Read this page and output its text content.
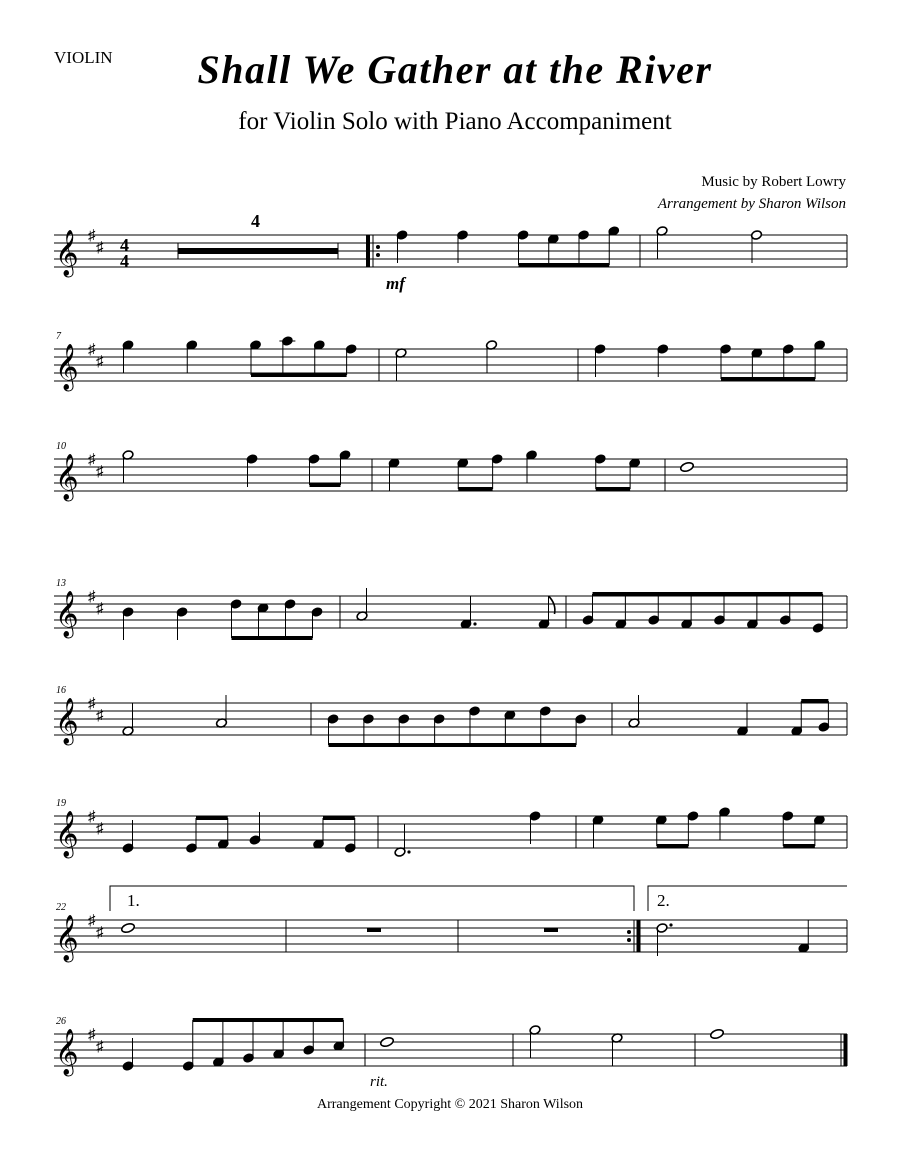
VIOLIN	Shall We Gather at the River
for Violin Solo with Piano Accompaniment
Music by Robert Lowry
Arrangement by Sharon Wilson
𝄞 ♯
♯ 4
4
4
mf
𝄞 ♯
♯
7
𝄞 ♯
♯
10
𝄞 ♯
♯
13
𝄞 ♯
♯
16
𝄞 ♯
♯
19
𝄞 ♯
♯
22	1.	2.
𝄞 ♯
♯
26
rit.
Arrangement Copyright © 2021 Sharon Wilson
